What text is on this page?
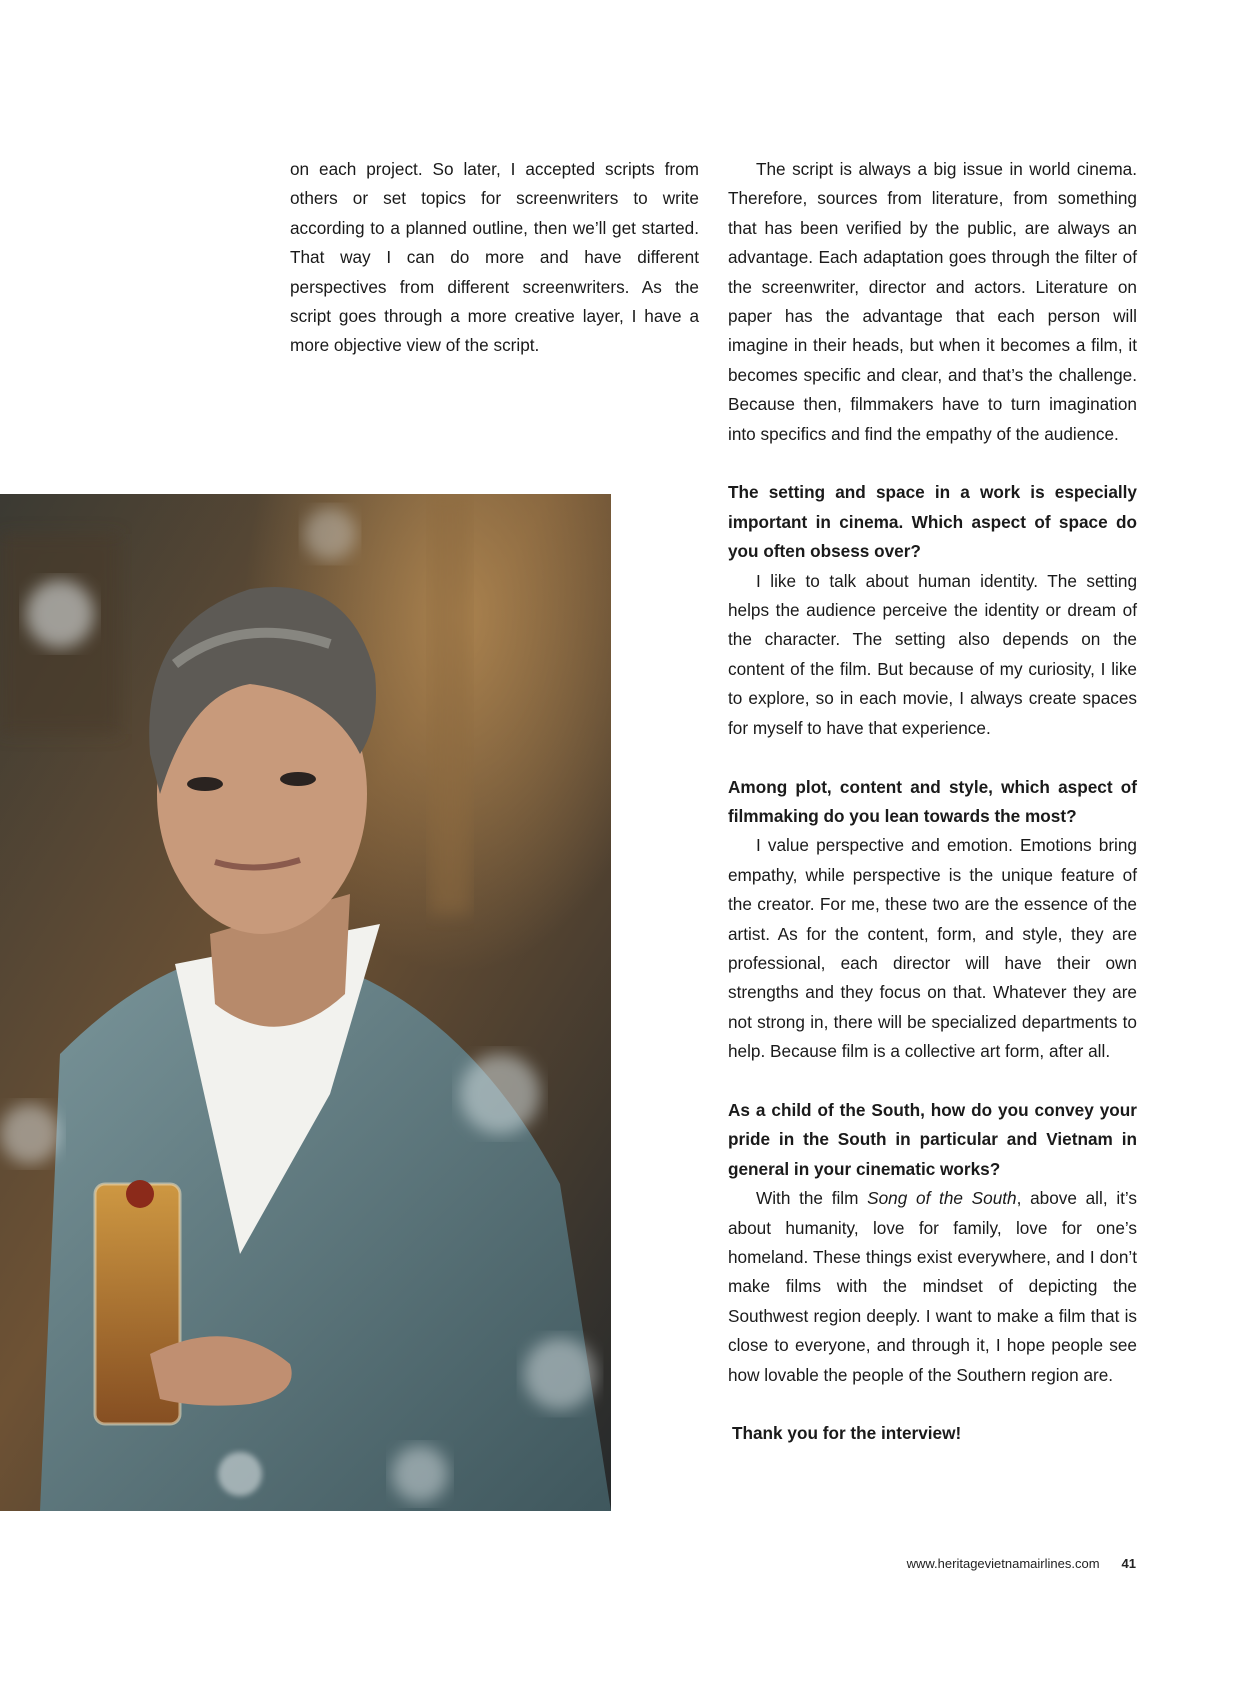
on each project. So later, I accepted scripts from others or set topics for screenwriters to write according to a planned outline, then we’ll get started. That way I can do more and have different perspectives from different screenwriters. As the script goes through a more creative layer, I have a more objective view of the script.

The script is always a big issue in world cinema. Therefore, sources from literature, from something that has been verified by the public, are always an advantage. Each adaptation goes through the filter of the screenwriter, director and actors. Literature on paper has the advantage that each person will imagine in their heads, but when it becomes a film, it becomes specific and clear, and that’s the challenge. Because then, filmmakers have to turn imagination into specifics and find the empathy of the audience.

The setting and space in a work is especially important in cinema. Which aspect of space do you often obsess over?

I like to talk about human identity. The setting helps the audience perceive the identity or dream of the character. The setting also depends on the content of the film. But because of my curiosity, I like to explore, so in each movie, I always create spaces for myself to have that experience.

Among plot, content and style, which aspect of filmmaking do you lean towards the most?

I value perspective and emotion. Emotions bring empathy, while perspective is the unique feature of the creator. For me, these two are the essence of the artist. As for the content, form, and style, they are professional, each director will have their own strengths and they focus on that. Whatever they are not strong in, there will be specialized departments to help. Because film is a collective art form, after all.

As a child of the South, how do you convey your pride in the South in particular and Vietnam in general in your cinematic works?

With the film Song of the South, above all, it’s about humanity, love for family, love for one’s homeland. These things exist everywhere, and I don’t make films with the mindset of depicting the Southwest region deeply. I want to make a film that is close to everyone, and through it, I hope people see how lovable the people of the Southern region are.

Thank you for the interview!

www.heritagevietnamairlines.com 41
